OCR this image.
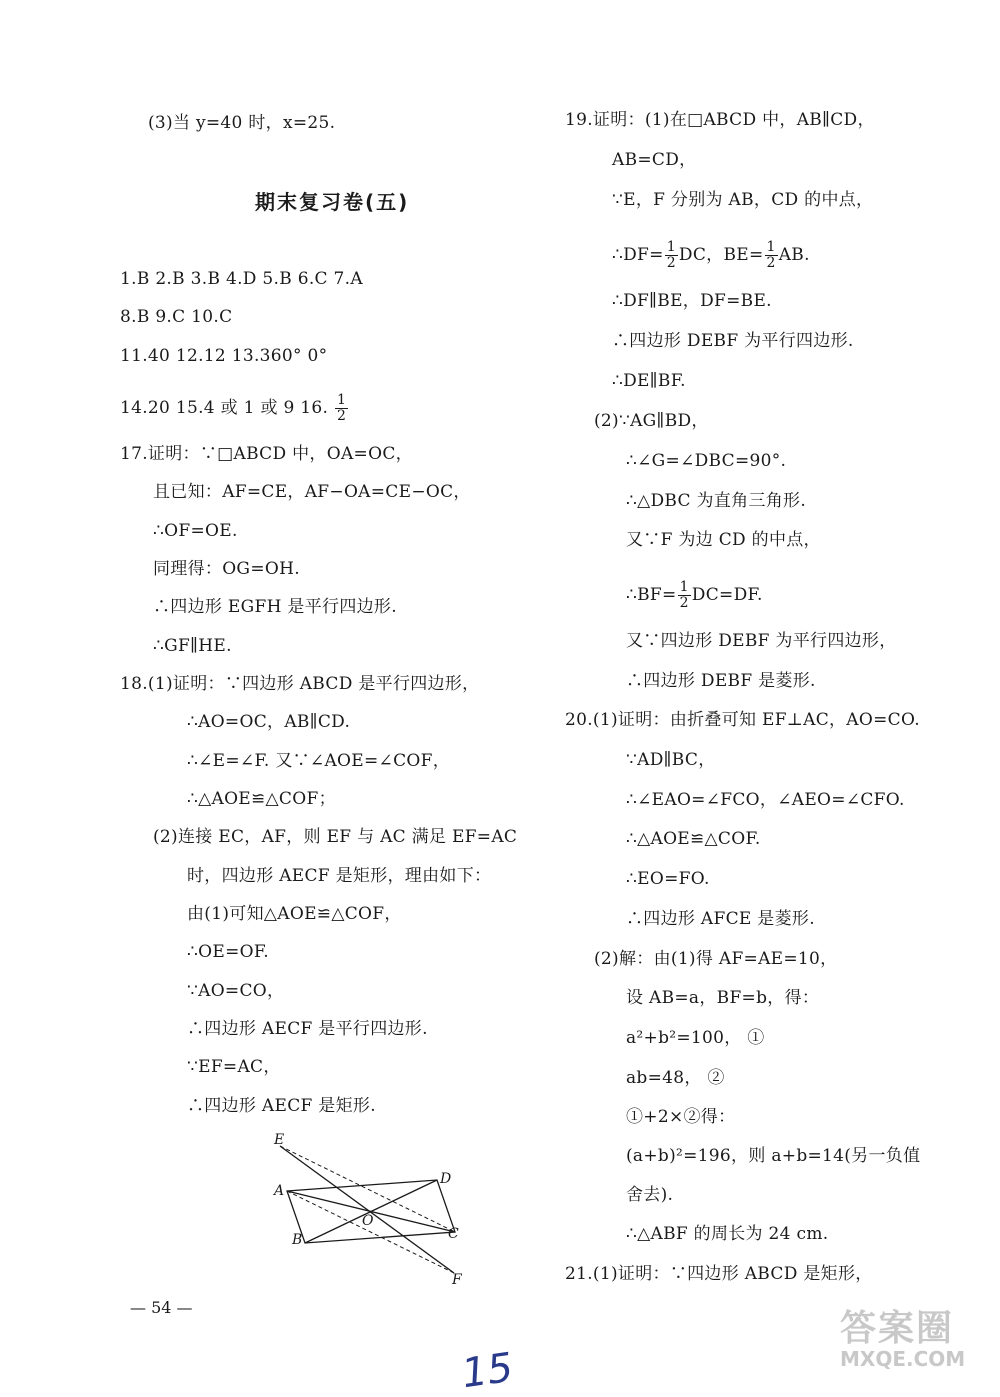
(3)当 y=40 时，x=25.
期末复习卷(五)
1.B 2.B 3.B 4.D 5.B 6.C 7.A
8.B 9.C 10.C
11.40 12.12 13.360° 0°
14.20 15.4 或 1 或 9 16. $\frac{1}{2}$
17.证明：∵□ABCD 中，OA=OC，
且已知：AF=CE，AF−OA=CE−OC，
∴OF=OE.
同理得：OG=OH.
∴四边形 EGFH 是平行四边形.
∴GF∥HE.
18.(1)证明：∵四边形 ABCD 是平行四边形，
∴AO=OC，AB∥CD.
∴∠E=∠F. 又∵∠AOE=∠COF，
∴△AOE≌△COF；
(2)连接 EC，AF，则 EF 与 AC 满足 EF=AC
时，四边形 AECF 是矩形，理由如下：
由(1)可知△AOE≌△COF，
∴OE=OF.
∵AO=CO，
∴四边形 AECF 是平行四边形.
∵EF=AC，
∴四边形 AECF 是矩形.
E
A
D
O
B	C
F
— 54 —
15
19.证明：(1)在□ABCD 中，AB∥CD，
AB=CD，
∵E，F 分别为 AB，CD 的中点，
∴DF= $\frac{1}{2}$ DC，$BE= \frac{1}{2}$ AB.
∴DF∥BE，DF=BE.
∴四边形 DEBF 为平行四边形.
∴DE∥BF.
(2)∵AG∥BD，
∴∠G=∠DBC=90°.
∴△DBC 为直角三角形.
又∵F 为边 CD 的中点，
∴BF= $\frac{1}{2} DC=DF$.
又∵四边形 DEBF 为平行四边形，
∴四边形 DEBF 是菱形.
20.(1)证明：由折叠可知 EF⊥AC，AO=CO.
∵AD∥BC，
∴∠EAO=∠FCO，∠AEO=∠CFO.
∴△AOE≌△COF.
∴EO=FO.
∴四边形 AFCE 是菱形.
(2)解：由(1)得 AF=AE=10，
设 AB=a，BF=b，得：
a²+b²=100， ①
ab=48， ②
①+2×②得：
(a+b)²=196，则 a+b=14(另一负值
舍去).
∴△ABF 的周长为 24 cm.
21.(1)证明：∵四边形 ABCD 是矩形，
答案圈
MXQE.COM
